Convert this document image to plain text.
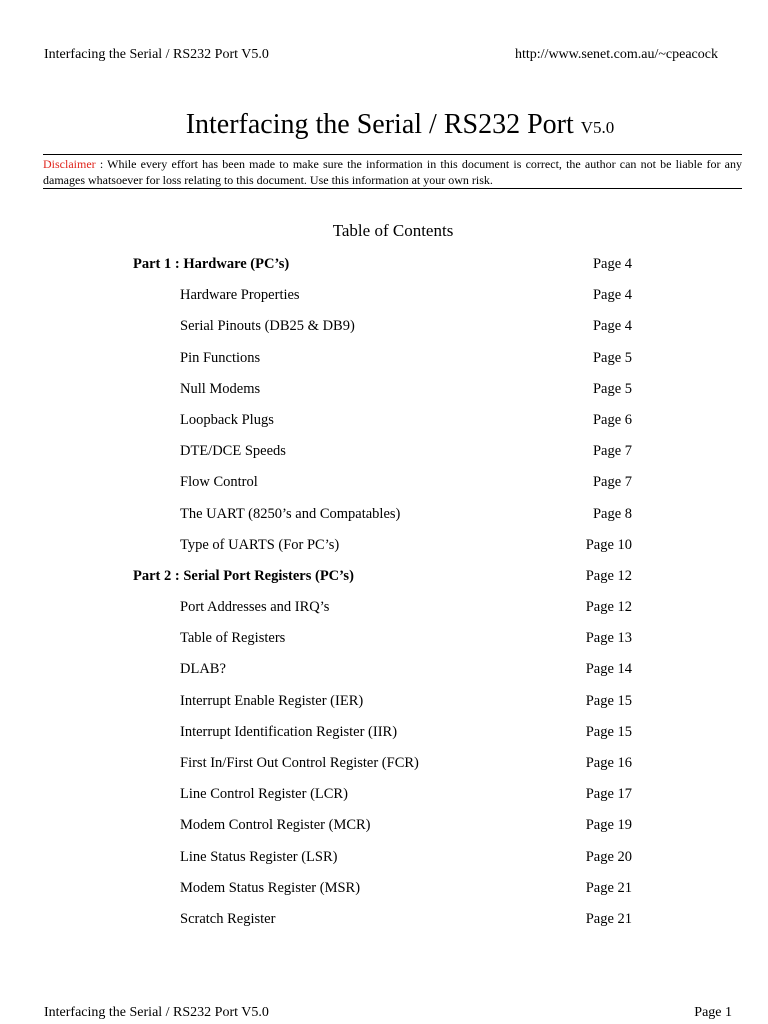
Interfacing the Serial / RS232 Port V5.0	http://www.senet.com.au/~cpeacock
Interfacing the Serial / RS232 Port V5.0
Disclaimer : While every effort has been made to make sure the information in this document is correct, the author can not be liable for any damages whatsoever for loss relating to this document. Use this information at your own risk.
Table of Contents
Part 1 : Hardware (PC’s)	Page 4
Hardware Properties	Page 4
Serial Pinouts (DB25 & DB9)	Page 4
Pin Functions	Page 5
Null Modems	Page 5
Loopback Plugs	Page 6
DTE/DCE Speeds	Page 7
Flow Control	Page 7
The UART (8250’s and Compatables)	Page 8
Type of UARTS (For PC’s)	Page 10
Part 2 : Serial Port Registers (PC’s)	Page 12
Port Addresses and IRQ’s	Page 12
Table of Registers	Page 13
DLAB?	Page 14
Interrupt Enable Register (IER)	Page 15
Interrupt Identification Register (IIR)	Page 15
First In/First Out Control Register (FCR)	Page 16
Line Control Register (LCR)	Page 17
Modem Control Register (MCR)	Page 19
Line Status Register (LSR)	Page 20
Modem Status Register (MSR)	Page 21
Scratch Register	Page 21
Interfacing the Serial / RS232 Port V5.0	Page 1
